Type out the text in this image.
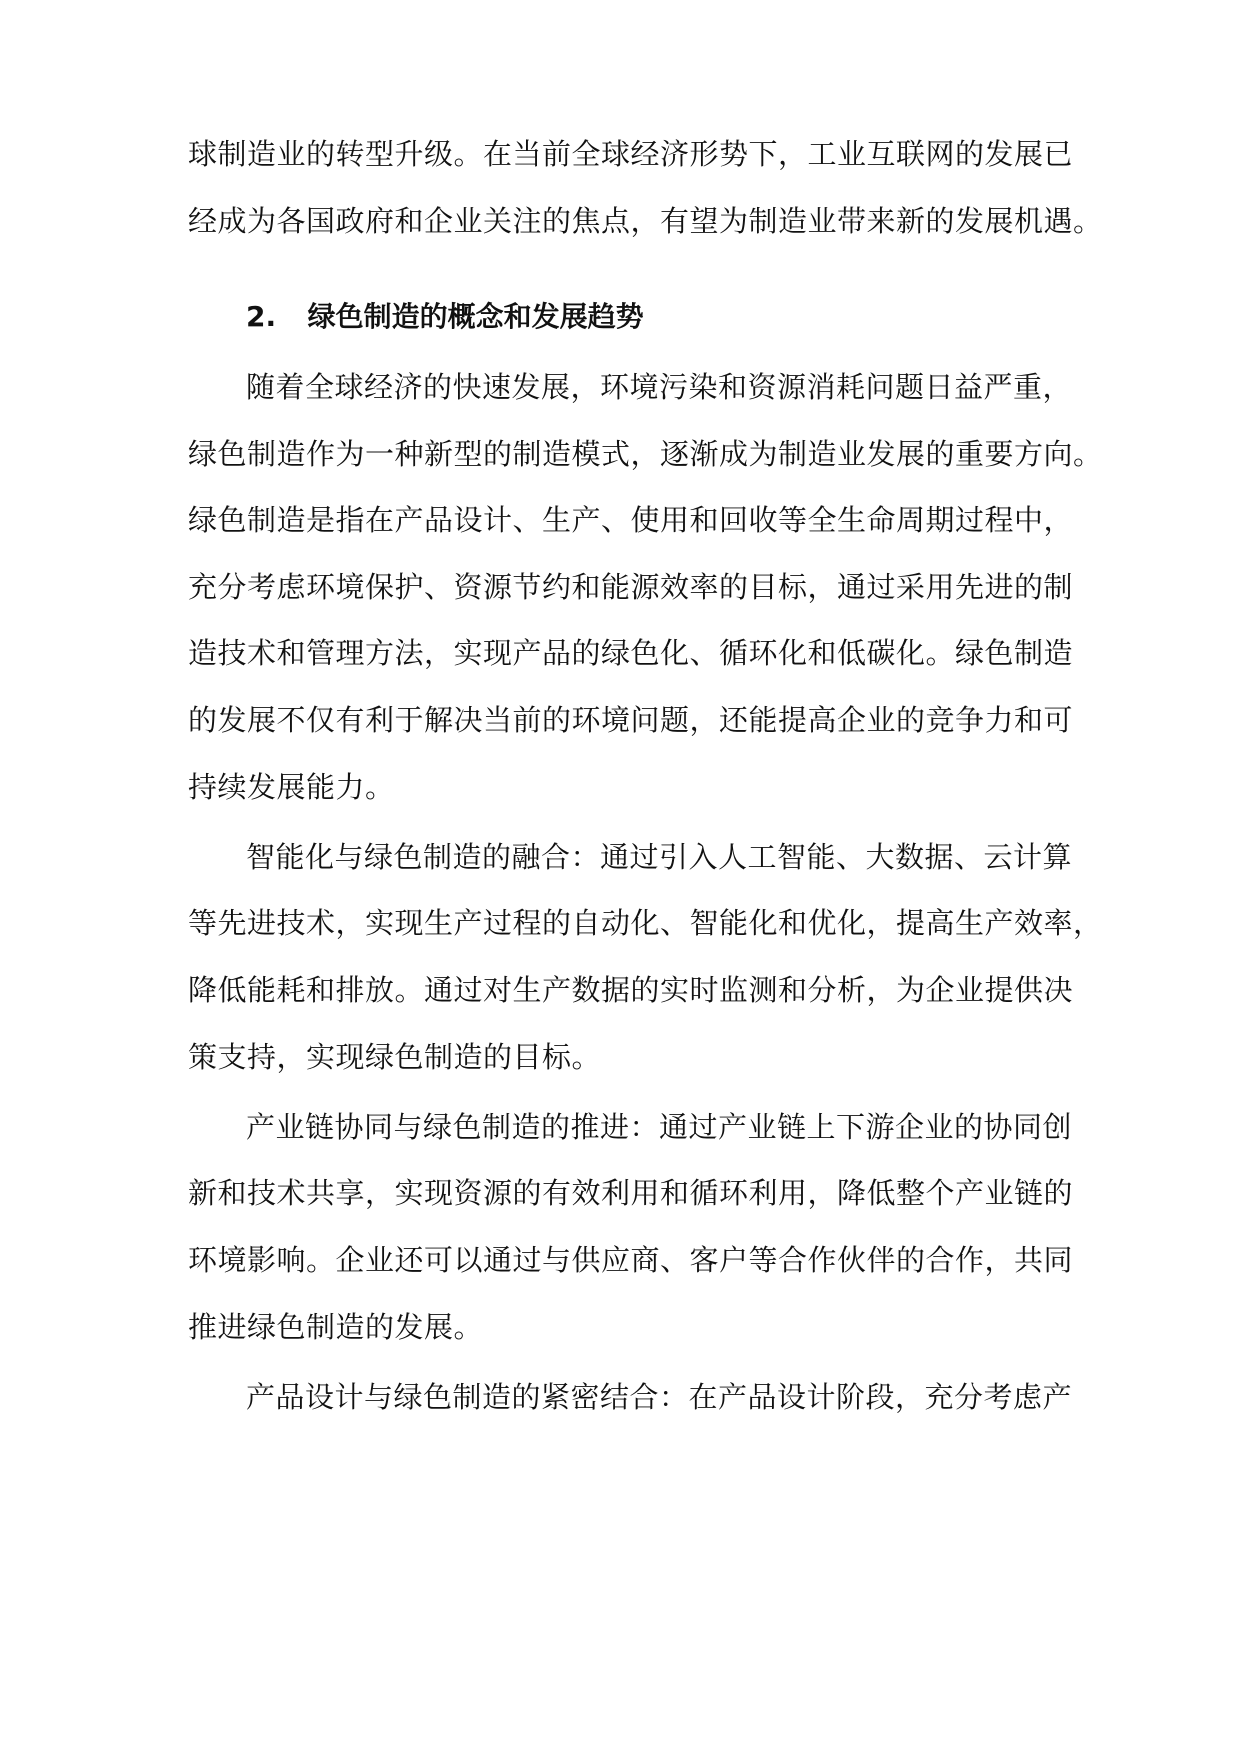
球制造业的转型升级。在当前全球经济形势下，工业互联网的发展已
经成为各国政府和企业关注的焦点，有望为制造业带来新的发展机遇。
2. 绿色制造的概念和发展趋势
随着全球经济的快速发展，环境污染和资源消耗问题日益严重，
绿色制造作为一种新型的制造模式，逐渐成为制造业发展的重要方向。
绿色制造是指在产品设计、生产、使用和回收等全生命周期过程中，
充分考虑环境保护、资源节约和能源效率的目标，通过采用先进的制
造技术和管理方法，实现产品的绿色化、循环化和低碳化。绿色制造
的发展不仅有利于解决当前的环境问题，还能提高企业的竞争力和可
持续发展能力。
智能化与绿色制造的融合：通过引入人工智能、大数据、云计算
等先进技术，实现生产过程的自动化、智能化和优化，提高生产效率，
降低能耗和排放。通过对生产数据的实时监测和分析，为企业提供决
策支持，实现绿色制造的目标。
产业链协同与绿色制造的推进：通过产业链上下游企业的协同创
新和技术共享，实现资源的有效利用和循环利用，降低整个产业链的
环境影响。企业还可以通过与供应商、客户等合作伙伴的合作，共同
推进绿色制造的发展。
产品设计与绿色制造的紧密结合：在产品设计阶段，充分考虑产
